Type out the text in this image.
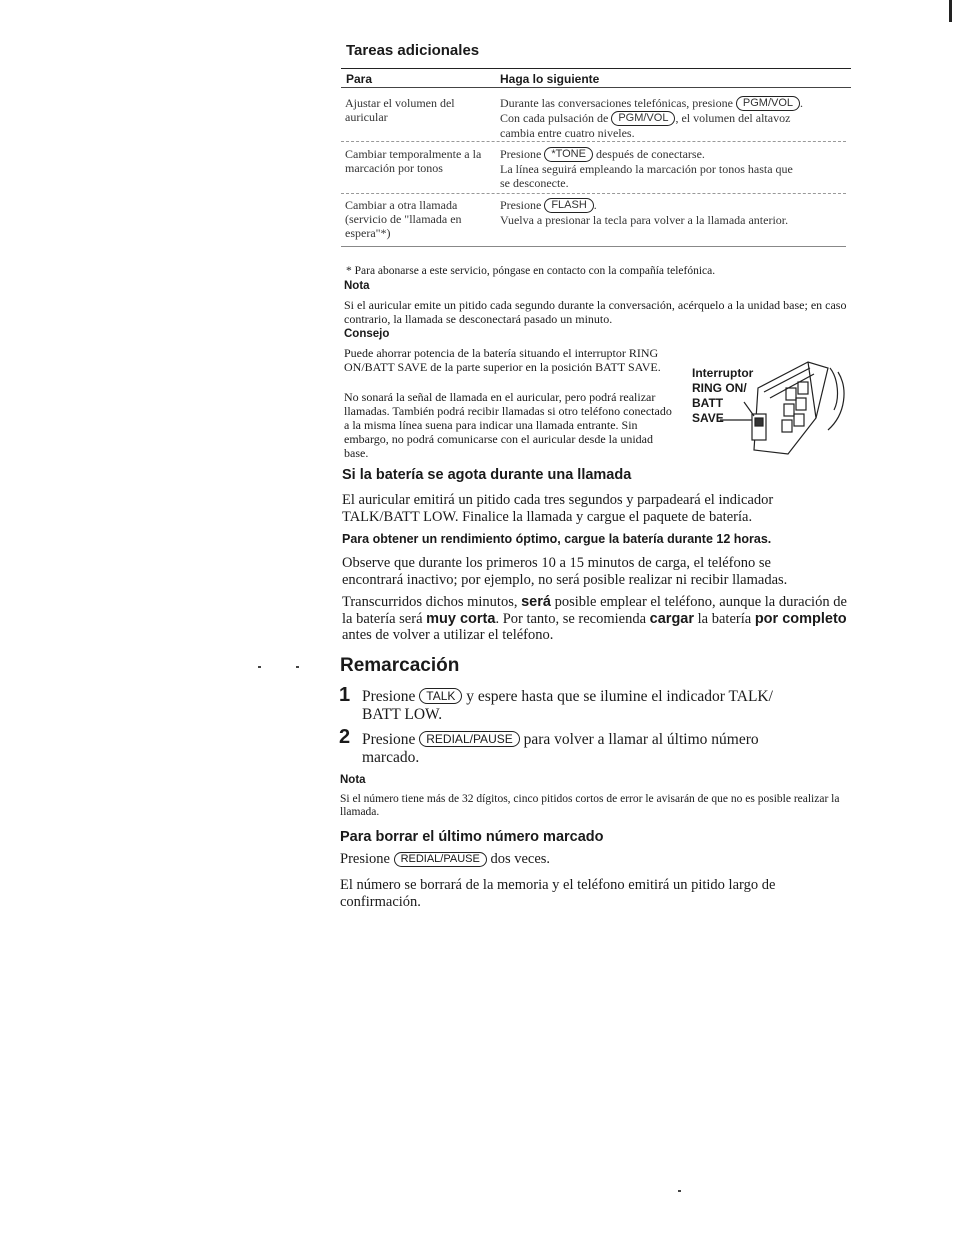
Tareas adicionales
Para	Haga lo siguiente
Ajustar el volumen del auricular
Durante las conversaciones telefónicas, presione PGM/VOL .
Con cada pulsación de PGM/VOL , el volumen del altavoz
cambia entre cuatro niveles.
Cambiar temporalmente a la marcación por tonos
Presione *TONE después de conectarse.
La línea seguirá empleando la marcación por tonos hasta que
se desconecte.
Cambiar a otra llamada (servicio de "llamada en espera"*)
Presione FLASH .
Vuelva a presionar la tecla para volver a la llamada anterior.
* Para abonarse a este servicio, póngase en contacto con la compañía telefónica.
Nota
Si el auricular emite un pitido cada segundo durante la conversación, acérquelo a la unidad base; en caso contrario, la llamada se desconectará pasado un minuto.
Consejo
Puede ahorrar potencia de la batería situando el interruptor RING ON/BATT SAVE de la parte superior en la posición BATT SAVE.
No sonará la señal de llamada en el auricular, pero podrá realizar llamadas. También podrá recibir llamadas si otro teléfono conectado a la misma línea suena para indicar una llamada entrante. Sin embargo, no podrá comunicarse con el auricular desde la unidad base.
Interruptor
RING ON/
BATT
SAVE
Si la batería se agota durante una llamada
El auricular emitirá un pitido cada tres segundos y parpadeará el indicador TALK/BATT LOW. Finalice la llamada y cargue el paquete de batería.
Para obtener un rendimiento óptimo, cargue la batería durante 12 horas.
Observe que durante los primeros 10 a 15 minutos de carga, el teléfono se encontrará inactivo; por ejemplo, no será posible realizar ni recibir llamadas.
Transcurridos dichos minutos, será posible emplear el teléfono, aunque la duración de la batería será muy corta. Por tanto, se recomienda cargar la batería por completo antes de volver a utilizar el teléfono.
Remarcación
1 Presione TALK y espere hasta que se ilumine el indicador TALK/
BATT LOW.
2 Presione REDIAL/PAUSE para volver a llamar al último número
marcado.
Nota
Si el número tiene más de 32 dígitos, cinco pitidos cortos de error le avisarán de que no es posible realizar la llamada.
Para borrar el último número marcado
Presione REDIAL/PAUSE dos veces.
El número se borrará de la memoria y el teléfono emitirá un pitido largo de confirmación.
